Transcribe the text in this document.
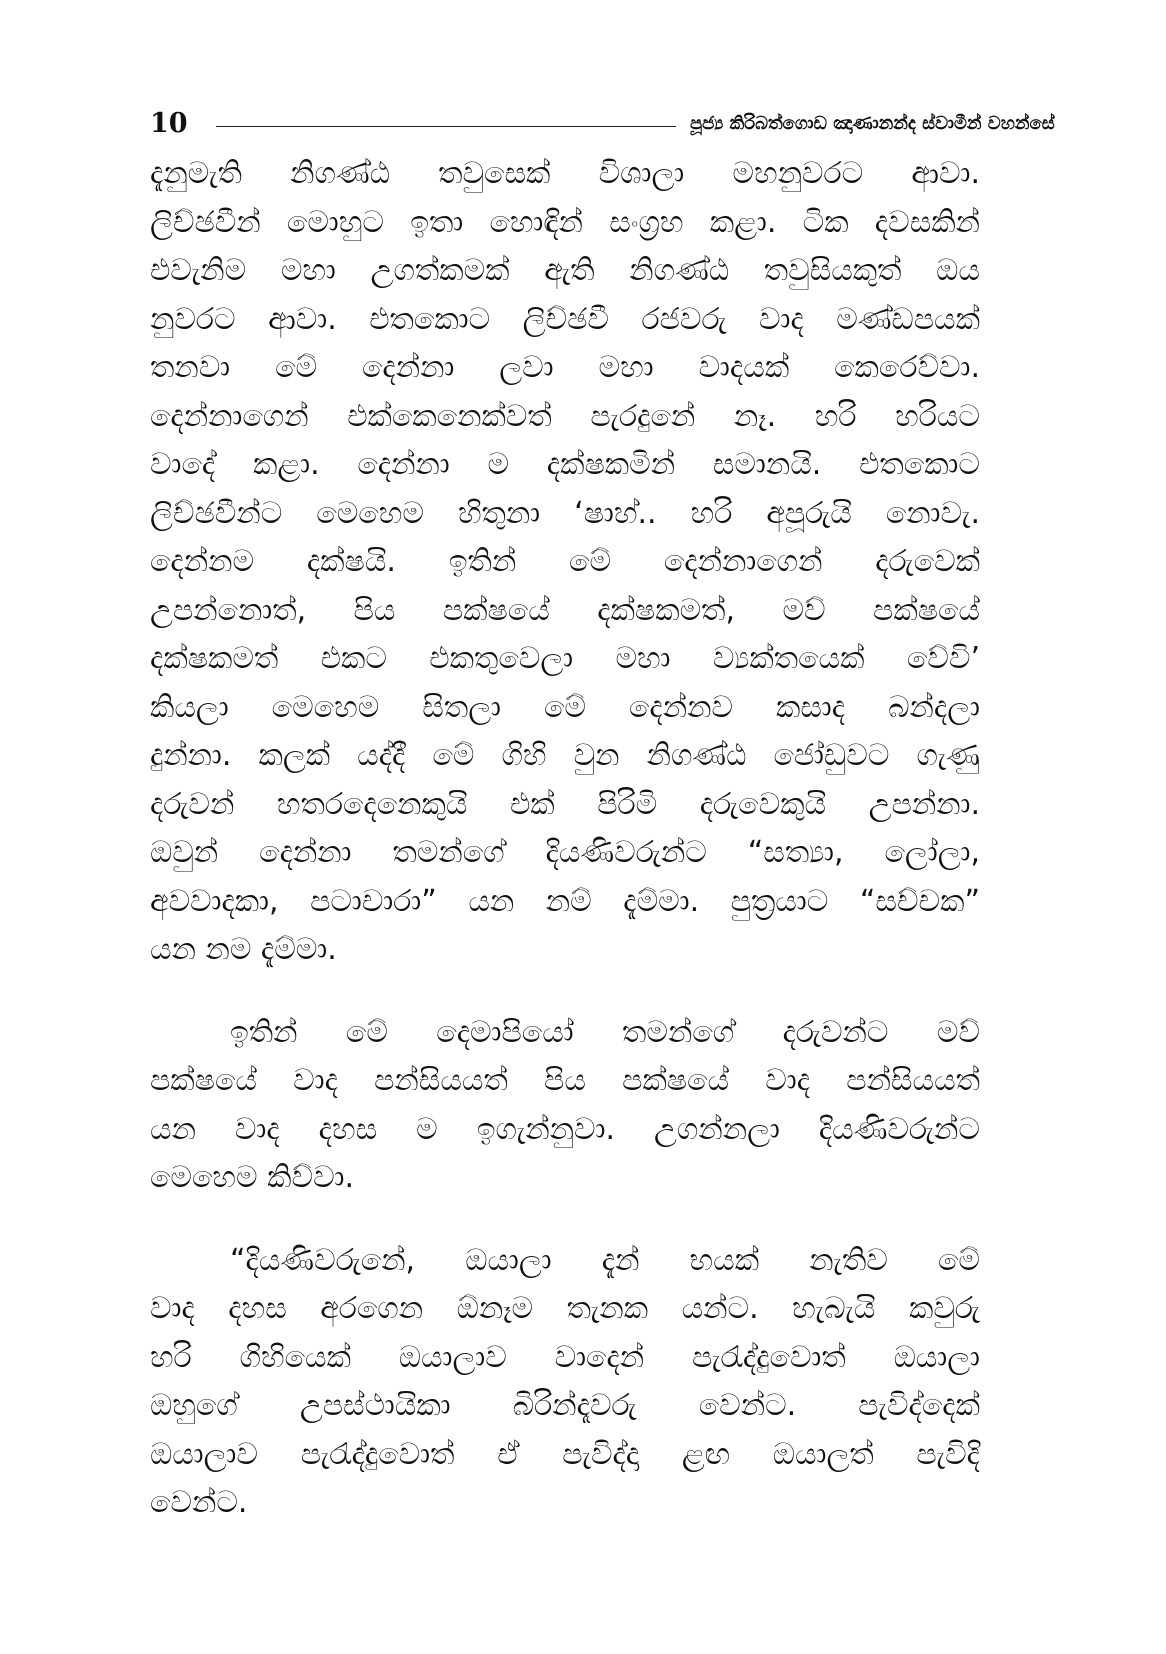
10	පූජ්‍ය කිරිබත්ගොඩ ඤාණානන්ද ස්වාමීන් වහන්සේ
දැනුමැති නිගණ්ඨ තවුසෙක් විශාලා මහනුවරට ආවා.
ලිච්ඡවීන් මොහුට ඉතා හොඳින් සංග්‍රහ කළා. ටික දවසකින්
එවැනිම මහා උගත්කමක් ඇති නිගණ්ඨ තවුසියකුත් ඔය
නුවරට ආවා. එතකොට ලිච්ඡවී රජවරු වාද මණ්ඩපයක්
තනවා මේ දෙන්නා ලවා මහා වාදයක් කෙරෙව්වා.
දෙන්නාගෙන් එක්කෙනෙක්වත් පැරදුනේ නෑ. හරි හරියට
වාදේ කළා. දෙන්නා ම දක්ෂකමින් සමානයි. එතකොට
ලිච්ඡවීන්ට මෙහෙම හිතුනා ‘ෂාහ්.. හරි අපූරුයි නොවැ.
දෙන්නම දක්ෂයි. ඉතින් මේ දෙන්නාගෙන් දරුවෙක්
උපන්නොත්, පිය පක්ෂයේ දක්ෂකමත්, මව් පක්ෂයේ
දක්ෂකමත් එකට එකතුවෙලා මහා ව්‍යක්තයෙක් වේවි’
කියලා මෙහෙම සිතලා මේ දෙන්නව කසාද බන්දලා
දුන්නා. කලක් යද්දී මේ ගිහි වුන නිගණ්ඨ ජෝඩුවට ගැණු
දරුවන් හතරදෙනෙකුයි එක් පිරිමි දරුවෙකුයි උපන්නා.
ඔවුන් දෙන්නා තමන්ගේ දියණිවරුන්ට “සත්‍යා, ලෝලා,
අවවාදකා, පටාචාරා” යන නම් දැම්මා. පුත්‍රයාට “සච්චක”
යන නම දැම්මා.
ඉතින් මේ දෙමාපියෝ තමන්ගේ දරුවන්ට මව්
පක්ෂයේ වාද පන්සියයත් පිය පක්ෂයේ වාද පන්සියයත්
යන වාද දහස ම ඉගැන්නුවා. උගන්නලා දියණිවරුන්ට
මෙහෙම කිව්වා.
“දියණිවරුනේ, ඔයාලා දැන් භයක් නැතිව මේ
වාද දහස අරගෙන ඕනෑම තැනක යන්ට. හැබැයි කවුරු
හරි ගිහියෙක් ඔයාලාව වාදෙන් පැරැද්දුවොත් ඔයාලා
ඔහුගේ උපස්ථායිකා බිරින්දෑවරු වෙන්ට. පැවිද්දෙක්
ඔයාලාව පැරැද්දුවොත් ඒ පැවිද්දා ළඟ ඔයාලත් පැවිදි
වෙන්ට.
